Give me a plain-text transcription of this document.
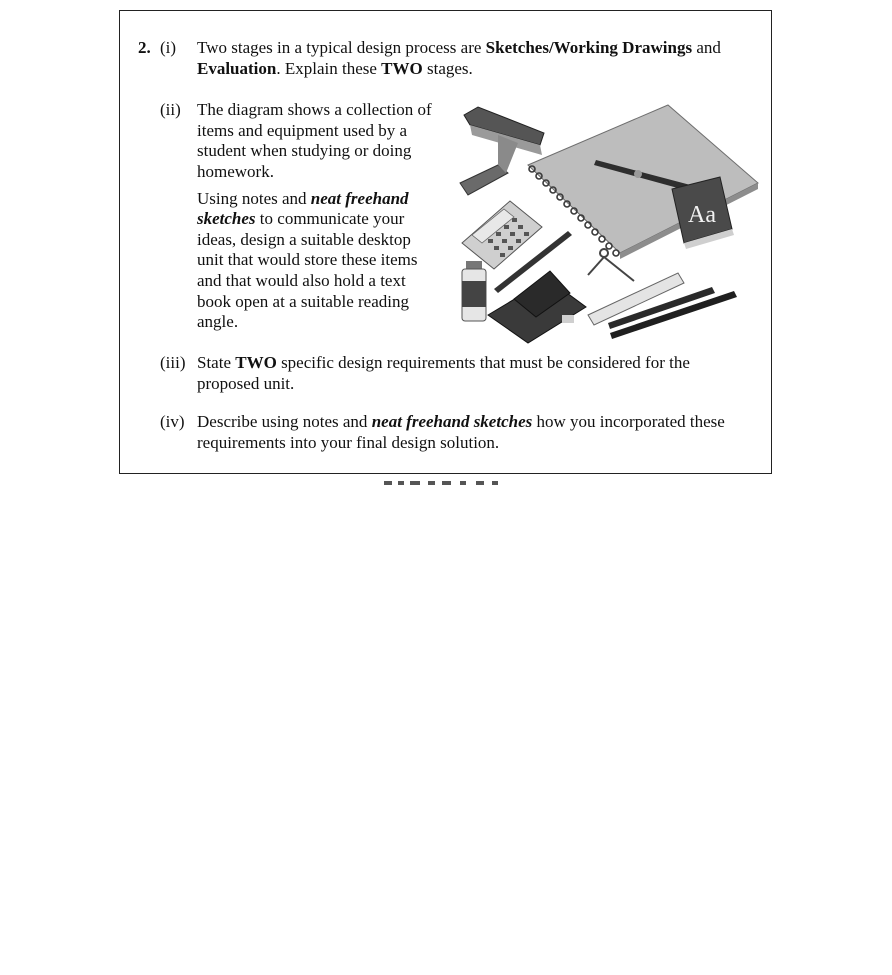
2. (i) Two stages in a typical design process are Sketches/Working Drawings and
Evaluation. Explain these TWO stages.
(ii) The diagram shows a collection of
items and equipment used by a
student when studying or doing
homework.
Using notes and neat freehand
sketches to communicate your
ideas, design a suitable desktop
unit that would store these items
and that would also hold a text
book open at a suitable reading
angle.
(iii) State TWO specific design requirements that must be considered for the
proposed unit.
(iv) Describe using notes and neat freehand sketches how you incorporated these
requirements into your final design solution.
Aa
